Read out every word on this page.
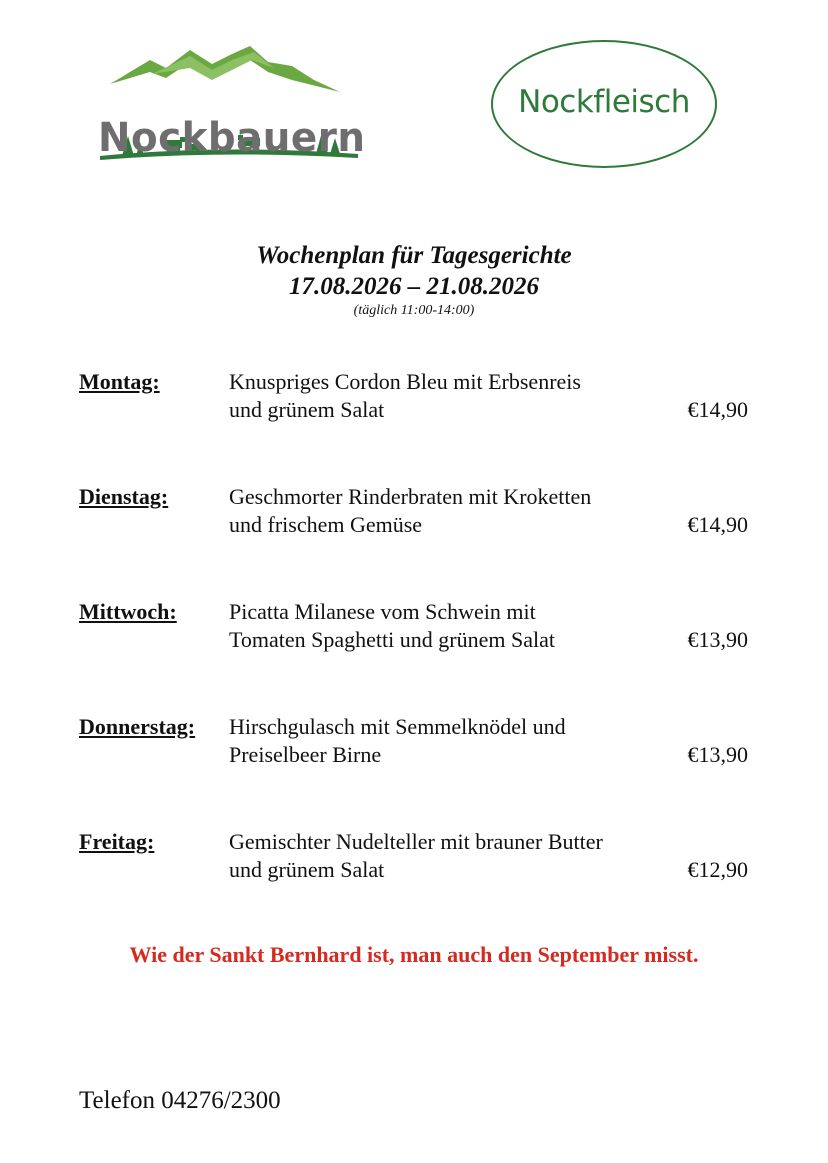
Nockbauern
Nockfleisch
Wochenplan für Tagesgerichte
17.08.2026 – 21.08.2026
(täglich 11:00-14:00)
Montag:	Knuspriges Cordon Bleu mit Erbsenreis
und grünem Salat	€14,90
Dienstag:	Geschmorter Rinderbraten mit Kroketten
und frischem Gemüse	€14,90
Mittwoch: Picatta Milanese vom Schwein mit
Tomaten Spaghetti und grünem Salat	€13,90
Donnerstag: Hirschgulasch mit Semmelknödel und
Preiselbeer Birne	€13,90
Freitag:	Gemischter Nudelteller mit brauner Butter
und grünem Salat	€12,90
Wie der Sankt Bernhard ist, man auch den September misst.
Telefon 04276/2300
